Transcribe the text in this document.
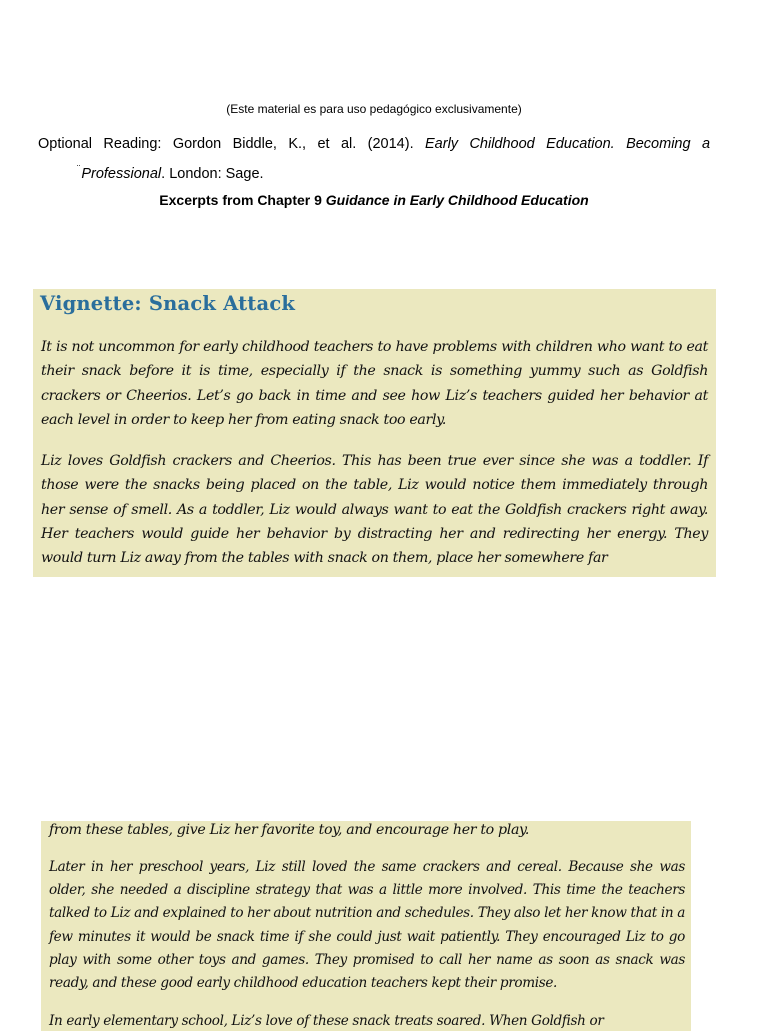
(Este material es para uso pedagógico exclusivamente)
Optional Reading: Gordon Biddle, K., et al. (2014). Early Childhood Education. Becoming a
¨Professional. London: Sage.
Excerpts from Chapter 9 Guidance in Early Childhood Education
Vignette: Snack Attack

It is not uncommon for early childhood teachers to have problems with children who want to eat their snack before it is time, especially if the snack is something yummy such as Goldfish crackers or Cheerios. Let’s go back in time and see how Liz’s teachers guided her behavior at each level in order to keep her from eating snack too early.

Liz loves Goldfish crackers and Cheerios. This has been true ever since she was a toddler. If those were the snacks being placed on the table, Liz would notice them immediately through her sense of smell. As a toddler, Liz would always want to eat the Goldfish crackers right away. Her teachers would guide her behavior by distracting her and redirecting her energy. They would turn Liz away from the tables with snack on them, place her somewhere far

from these tables, give Liz her favorite toy, and encourage her to play.

Later in her preschool years, Liz still loved the same crackers and cereal. Because she was older, she needed a discipline strategy that was a little more involved. This time the teachers talked to Liz and explained to her about nutrition and schedules. They also let her know that in a few minutes it would be snack time if she could just wait patiently. They encouraged Liz to go play with some other toys and games. They promised to call her name as soon as snack was ready, and these good early childhood education teachers kept their promise.

In early elementary school, Liz’s love of these snack treats soared. When Goldfish or
